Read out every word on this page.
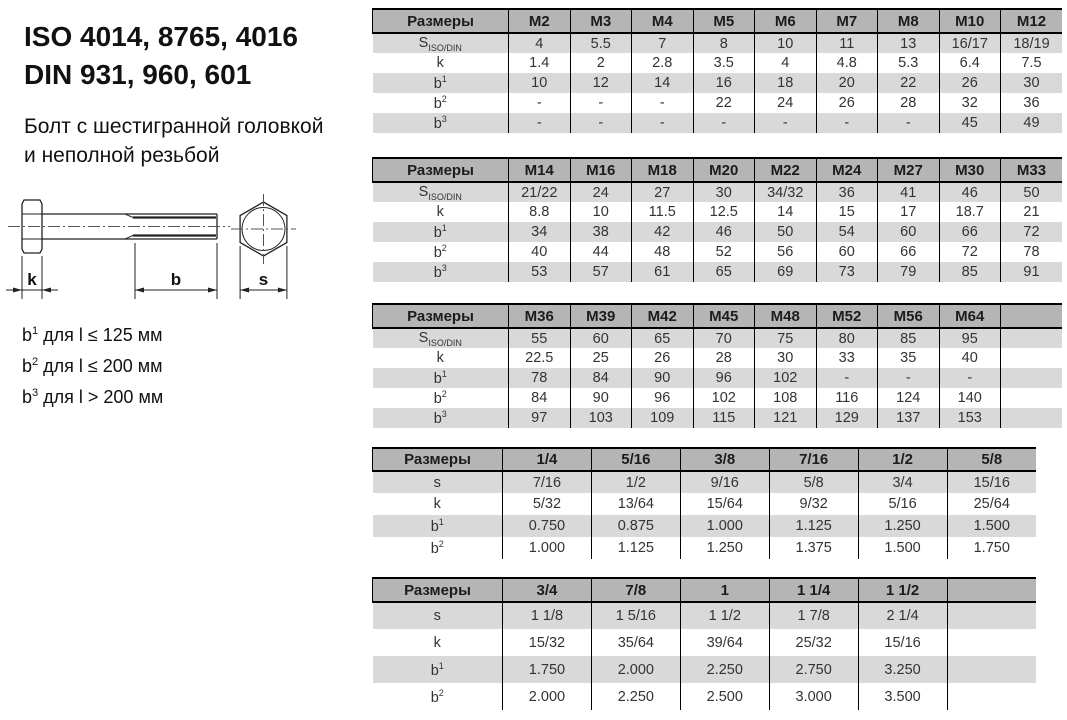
ISO 4014, 8765, 4016
DIN 931, 960, 601

Болт с шестигранной головкой

и неполной резьбой

k	b	s
$b^1$ для l ≤ 125 мм
$b^2$ для l ≤ 200 мм
$b^3$ для l > 200 мм
Размеры	M2	M3	M4	M5	M6	M7	M8	M10	M12
$S_{ISO/DIN}$	4	5.5	7	8	10	11	13	16/17	18/19
k	1.4	2	2.8	3.5	4	4.8	5.3	6.4	7.5
$b^1$	10	12	14	16	18	20	22	26	30
$b^2$	-	-	-	22	24	26	28	32	36
$b^3$	-	-	-	-	-	-	-	45	49
Размеры	M14	M16	M18	M20	M22	M24	M27	M30	M33
$S_{ISO/DIN}$	21/22	24	27	30	34/32	36	41	46	50
k	8.8	10	11.5	12.5	14	15	17	18.7	21
$b^1$	34	38	42	46	50	54	60	66	72
$b^2$	40	44	48	52	56	60	66	72	78
$b^3$	53	57	61	65	69	73	79	85	91
Размеры	M36	M39	M42	M45	M48	M52	M56	M64	
$S_{ISO/DIN}$	55	60	65	70	75	80	85	95	
k	22.5	25	26	28	30	33	35	40	
$b^1$	78	84	90	96	102	-	-	-	
$b^2$	84	90	96	102	108	116	124	140	
$b^3$	97	103	109	115	121	129	137	153	
Размеры	1/4	5/16	3/8	7/16	1/2	5/8
s	7/16	1/2	9/16	5/8	3/4	15/16
k	5/32	13/64	15/64	9/32	5/16	25/64
$b^1$	0.750	0.875	1.000	1.125	1.250	1.500
$b^2$	1.000	1.125	1.250	1.375	1.500	1.750
Размеры	3/4	7/8	1	1 1/4	1 1/2	
s	1 1/8	1 5/16	1 1/2	1 7/8	2 1/4	
k	15/32	35/64	39/64	25/32	15/16	
$b^1$	1.750	2.000	2.250	2.750	3.250	
$b^2$	2.000	2.250	2.500	3.000	3.500	
